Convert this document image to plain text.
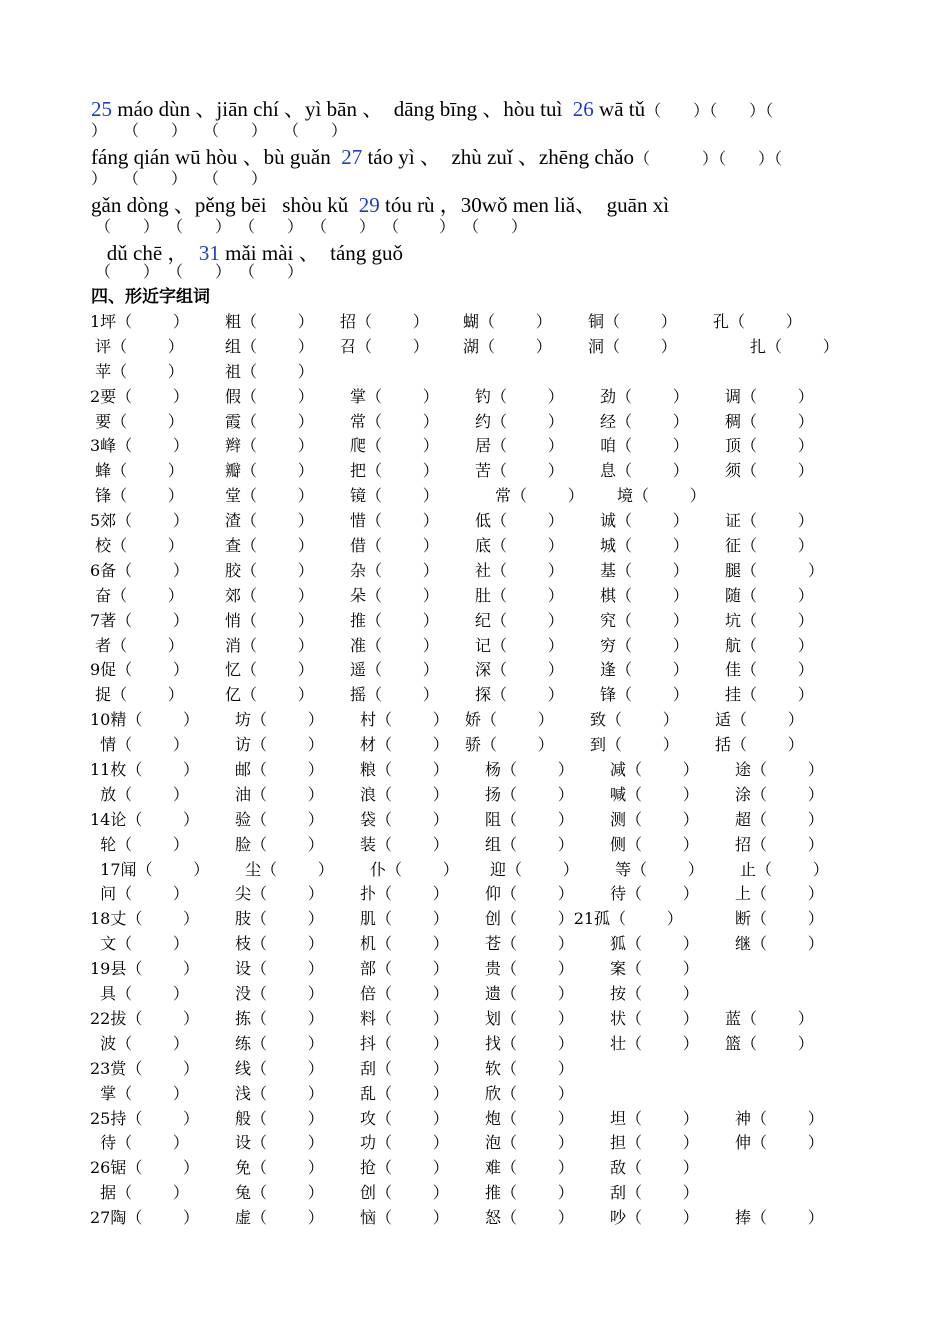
25 máo dùn 、jiān chí 、yì bān 、  dāng bīng 、hòu tuì  26 wā tǔ（        ）（        ）（
）    （        ）    （        ）    （        ）
fáng qián wū hòu 、bù guǎn  27 táo yì 、  zhù zuǐ 、zhēng chǎo（             ）（        ）（
）    （        ）    （        ）
gǎn dòng 、pěng bēi   shòu kǔ  29 tóu rù ，30wǒ men liǎ、  guān xì
（        ）  （        ）  （        ）  （        ）  （          ）  （        ）
dǔ chē ，  31 mǎi mài 、  táng guǒ
（        ）  （        ）  （        ）
四、形近字组词
1坪（        ） 粗（        ） 招（        ） 蝴（        ） 铜（        ） 孔（        ）
评（        ）	组（        ） 召（        ） 湖（        ） 洞（        ）	扎（        ）
苹（        ）	祖（        ）
2要（        ） 假（        ） 掌（        ） 钓（        ） 劲（        ） 调（        ）
要（        ）	霞（        ） 常（        ） 约（        ） 经（        ） 稠（        ）
3峰（        ） 辫（        ） 爬（        ） 居（        ） 咱（        ） 顶（        ）
蜂（        ）	瓣（        ） 把（        ） 苦（        ） 息（        ） 须（        ）
锋（        ）	堂（        ） 镜（        ）	常（        ） 境（        ）
5郊（        ） 渣（        ） 惜（        ） 低（        ） 诚（        ） 证（        ）
校（        ）	查（        ） 借（        ） 底（        ） 城（        ） 征（        ）
6备（        ） 胶（        ） 杂（        ） 社（        ） 基（        ） 腿（          ）
奋（        ）	郊（        ） 朵（        ） 肚（        ） 棋（        ） 随（        ）
7著（        ） 悄（        ） 推（        ） 纪（        ） 究（        ） 坑（        ）
者（        ）	消（        ） 准（        ） 记（        ） 穷（        ） 航（        ）
9促（        ） 忆（        ） 遥（        ） 深（        ） 逢（        ） 佳（        ）
捉（        ）	亿（        ） 摇（        ） 探（        ） 锋（        ） 挂（        ）
10精（        ） 坊（        ） 村（        ） 娇（        ） 致（        ） 适（        ）
情（        ）	访（        ） 材（        ） 骄（        ） 到（        ） 括（        ）
11枚（        ） 邮（        ） 粮（        ） 杨（        ） 减（        ） 途（        ）
放（        ）	油（        ） 浪（        ） 扬（        ） 喊（        ） 涂（        ）
14论（        ） 验（        ） 袋（        ） 阻（        ） 测（        ） 超（        ）
轮（        ）	脸（        ） 装（        ） 组（        ） 侧（        ） 招（        ）
17闻（        ） 尘（        ） 仆（        ） 迎（        ） 等（        ） 止（        ）
问（        ）	尖（        ） 扑（        ） 仰（        ） 待（        ） 上（        ）
18丈（        ） 肢（        ） 肌（        ） 创（        ）21孤（        ）	断（        ）
文（        ）	枝（        ） 机（        ） 苍（        ） 狐（        ） 继（        ）
19县（        ） 设（        ） 部（        ） 贵（        ） 案（        ）
具（        ）	没（        ） 倍（        ） 遗（        ） 按（        ）
22拔（        ） 拣（        ） 料（        ） 划（        ） 状（        ） 蓝（        ）
波（        ）	练（        ） 抖（        ） 找（        ） 壮（        ） 篮（        ）
23赏（        ） 线（        ） 刮（        ） 软（        ）
掌（        ）	浅（        ） 乱（        ） 欣（        ）
25持（        ） 般（        ） 攻（        ） 炮（        ） 坦（        ） 神（        ）
待（        ）	设（        ） 功（        ） 泡（        ） 担（        ） 伸（        ）
26锯（        ） 免（        ） 抢（        ） 难（        ） 敌（        ）
据（        ）	兔（        ） 创（        ） 推（        ） 刮（        ）
27陶（        ） 虚（        ） 恼（        ） 怒（        ） 吵（        ） 捧（        ）
